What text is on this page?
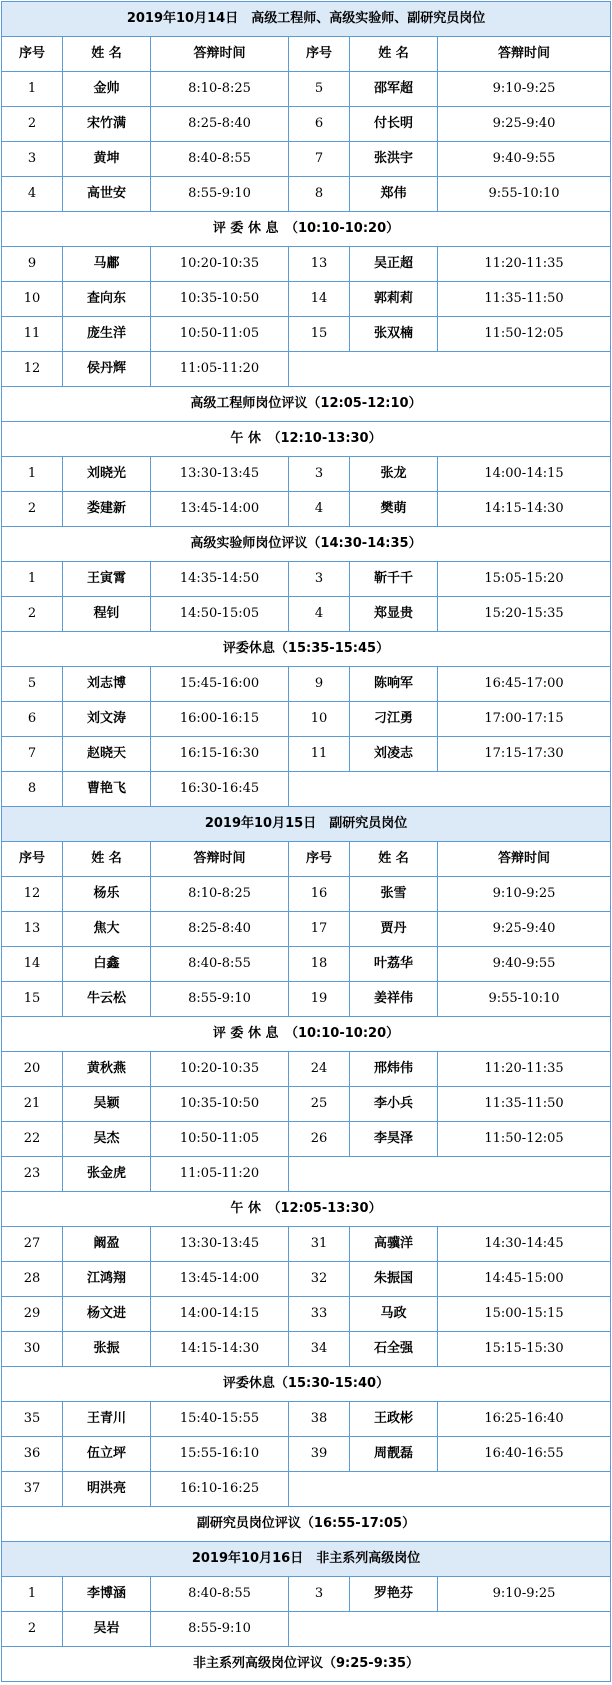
2019年10月14日　高级工程师、高级实验师、副研究员岗位					
序号	姓 名	答辩时间	序号	姓 名	答辩时间
1	金帅	8:10-8:25	5	邵军超	9:10-9:25
2	宋竹满	8:25-8:40	6	付长明	9:25-9:40
3	黄坤	8:40-8:55	7	张洪宇	9:40-9:55
4	高世安	8:55-9:10	8	郑伟	9:55-10:10
评 委 休 息　（10:10-10:20）					
9	马鄘	10:20-10:35	13	吴正超	11:20-11:35
10	查向东	10:35-10:50	14	郭莉莉	11:35-11:50
11	庞生洋	10:50-11:05	15	张双楠	11:50-12:05
12	侯丹辉	11:05-11:20			
高级工程师岗位评议（12:05-12:10）					
午 休　（12:10-13:30）					
1	刘晓光	13:30-13:45	3	张龙	14:00-14:15
2	娄建新	13:45-14:00	4	樊萌	14:15-14:30
高级实验师岗位评议（14:30-14:35）					
1	王寅霄	14:35-14:50	3	靳千千	15:05-15:20
2	程钊	14:50-15:05	4	郑显贵	15:20-15:35
评委休息（15:35-15:45）					
5	刘志博	15:45-16:00	9	陈响军	16:45-17:00
6	刘文涛	16:00-16:15	10	刁江勇	17:00-17:15
7	赵晓天	16:15-16:30	11	刘凌志	17:15-17:30
8	曹艳飞	16:30-16:45			
2019年10月15日　副研究员岗位					
序号	姓 名	答辩时间	序号	姓 名	答辩时间
12	杨乐	8:10-8:25	16	张雪	9:10-9:25
13	焦大	8:25-8:40	17	贾丹	9:25-9:40
14	白鑫	8:40-8:55	18	叶荔华	9:40-9:55
15	牛云松	8:55-9:10	19	姜祥伟	9:55-10:10
评 委 休 息　（10:10-10:20）					
20	黄秋燕	10:20-10:35	24	邢炜伟	11:20-11:35
21	吴颖	10:35-10:50	25	李小兵	11:35-11:50
22	吴杰	10:50-11:05	26	李昊泽	11:50-12:05
23	张金虎	11:05-11:20			
午 休　（12:05-13:30）					
27	阚盈	13:30-13:45	31	高骥洋	14:30-14:45
28	江鸿翔	13:45-14:00	32	朱振国	14:45-15:00
29	杨文进	14:00-14:15	33	马政	15:00-15:15
30	张振	14:15-14:30	34	石全强	15:15-15:30
评委休息（15:30-15:40）					
35	王青川	15:40-15:55	38	王政彬	16:25-16:40
36	伍立坪	15:55-16:10	39	周靓磊	16:40-16:55
37	明洪亮	16:10-16:25			
副研究员岗位评议（16:55-17:05）					
2019年10月16日　非主系列高级岗位					
1	李博涵	8:40-8:55	3	罗艳芬	9:10-9:25
2	吴岩	8:55-9:10			
非主系列高级岗位评议（9:25-9:35）					
